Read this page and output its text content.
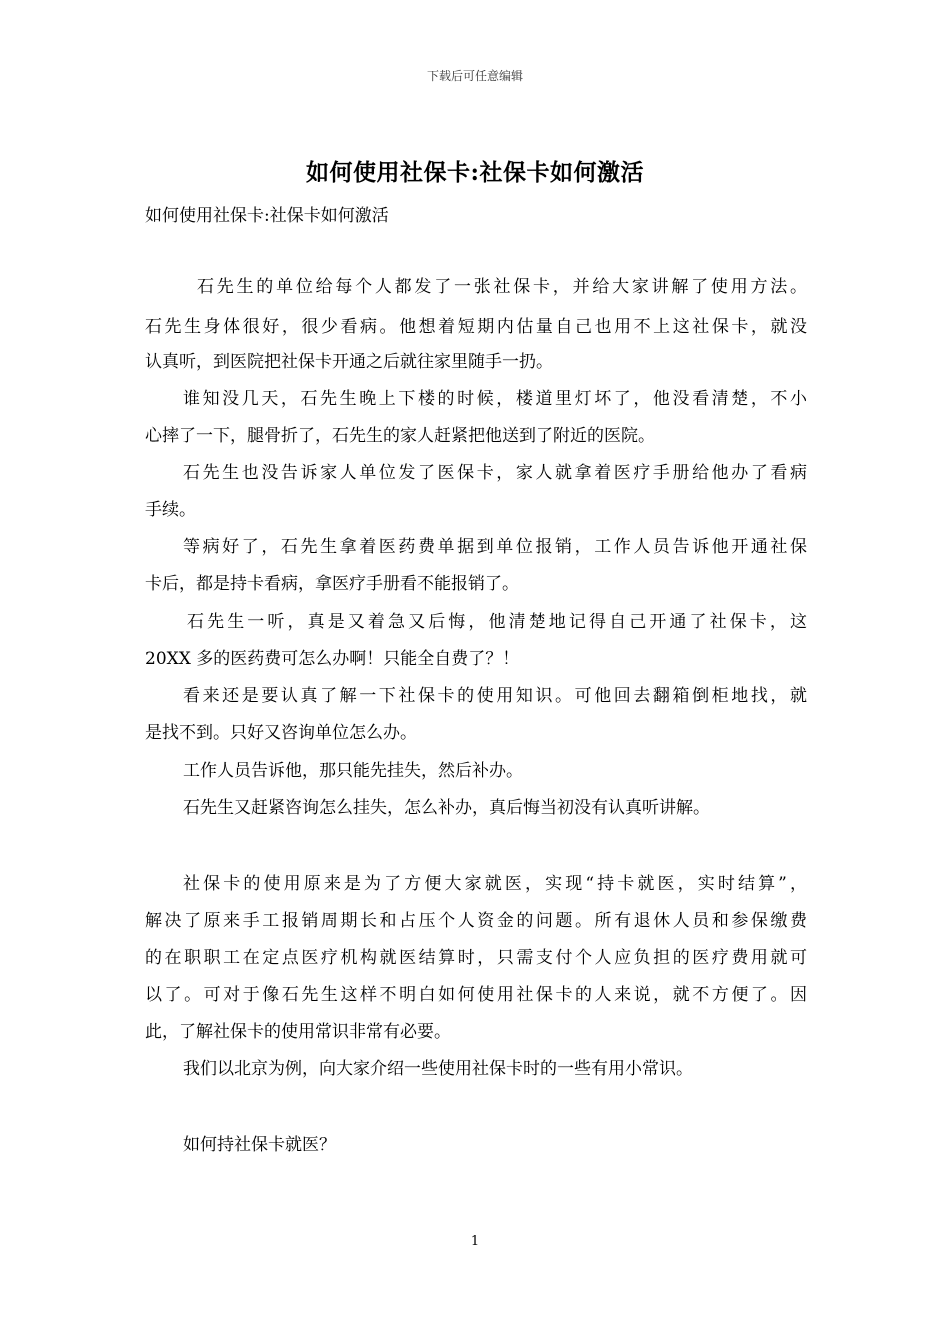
下载后可任意编辑
如何使用社保卡:社保卡如何激活
如何使用社保卡:社保卡如何激活
石先生的单位给每个人都发了一张社保卡，并给大家讲解了使用方法。
石先生身体很好，很少看病。他想着短期内估量自己也用不上这社保卡，就没
认真听，到医院把社保卡开通之后就往家里随手一扔。
谁知没几天，石先生晚上下楼的时候，楼道里灯坏了，他没看清楚，不小
心摔了一下，腿骨折了，石先生的家人赶紧把他送到了附近的医院。
石先生也没告诉家人单位发了医保卡，家人就拿着医疗手册给他办了看病
手续。
等病好了，石先生拿着医药费单据到单位报销，工作人员告诉他开通社保
卡后，都是持卡看病，拿医疗手册看不能报销了。
石先生一听，真是又着急又后悔，他清楚地记得自己开通了社保卡，这
20XX 多的医药费可怎么办啊！只能全自费了？！
看来还是要认真了解一下社保卡的使用知识。可他回去翻箱倒柜地找，就
是找不到。只好又咨询单位怎么办。
工作人员告诉他，那只能先挂失，然后补办。
石先生又赶紧咨询怎么挂失，怎么补办，真后悔当初没有认真听讲解。
社保卡的使用原来是为了方便大家就医，实现“持卡就医，实时结算”，
解决了原来手工报销周期长和占压个人资金的问题。所有退休人员和参保缴费
的在职职工在定点医疗机构就医结算时，只需支付个人应负担的医疗费用就可
以了。可对于像石先生这样不明白如何使用社保卡的人来说，就不方便了。因
此，了解社保卡的使用常识非常有必要。
我们以北京为例，向大家介绍一些使用社保卡时的一些有用小常识。
如何持社保卡就医？
1
